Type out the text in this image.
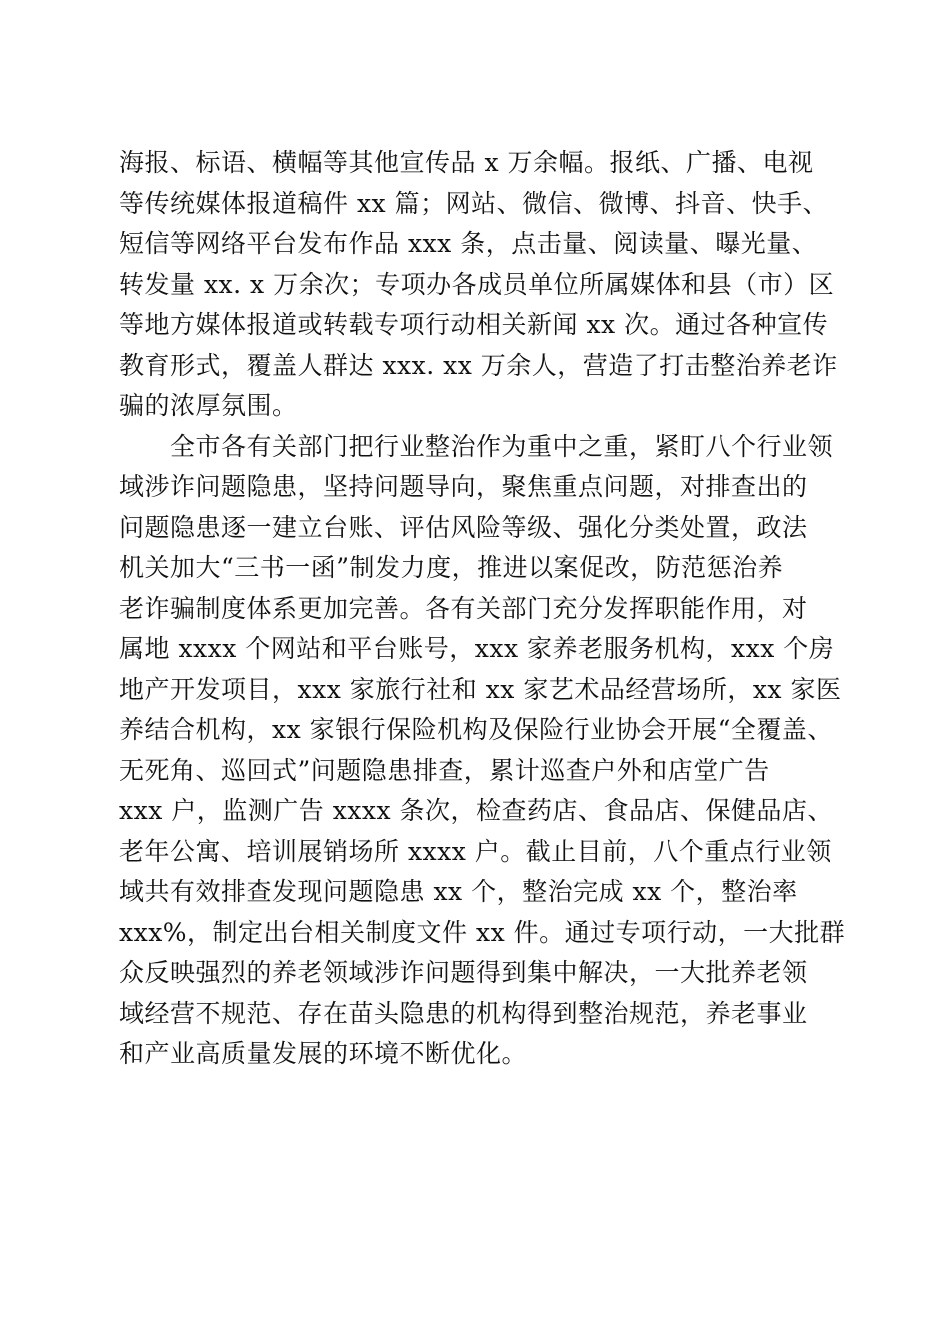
海报、标语、横幅等其他宣传品 x 万余幅。报纸、广播、电视
等传统媒体报道稿件 xx 篇；网站、微信、微博、抖音、快手、
短信等网络平台发布作品 xxx 条，点击量、阅读量、曝光量、
转发量 xx. x 万余次；专项办各成员单位所属媒体和县（市）区
等地方媒体报道或转载专项行动相关新闻 xx 次。通过各种宣传
教育形式，覆盖人群达 xxx. xx 万余人，营造了打击整治养老诈
骗的浓厚氛围。
　　全市各有关部门把行业整治作为重中之重，紧盯八个行业领
域涉诈问题隐患，坚持问题导向，聚焦重点问题，对排查出的
问题隐患逐一建立台账、评估风险等级、强化分类处置，政法
机关加大“三书一函”制发力度，推进以案促改，防范惩治养
老诈骗制度体系更加完善。各有关部门充分发挥职能作用，对
属地 xxxx 个网站和平台账号，xxx 家养老服务机构，xxx 个房
地产开发项目，xxx 家旅行社和 xx 家艺术品经营场所，xx 家医
养结合机构，xx 家银行保险机构及保险行业协会开展“全覆盖、
无死角、巡回式”问题隐患排查，累计巡查户外和店堂广告
xxx 户，监测广告 xxxx 条次，检查药店、食品店、保健品店、
老年公寓、培训展销场所 xxxx 户。截止目前，八个重点行业领
域共有效排查发现问题隐患 xx 个，整治完成 xx 个，整治率
xxx%，制定出台相关制度文件 xx 件。通过专项行动，一大批群
众反映强烈的养老领域涉诈问题得到集中解决，一大批养老领
域经营不规范、存在苗头隐患的机构得到整治规范，养老事业
和产业高质量发展的环境不断优化。
